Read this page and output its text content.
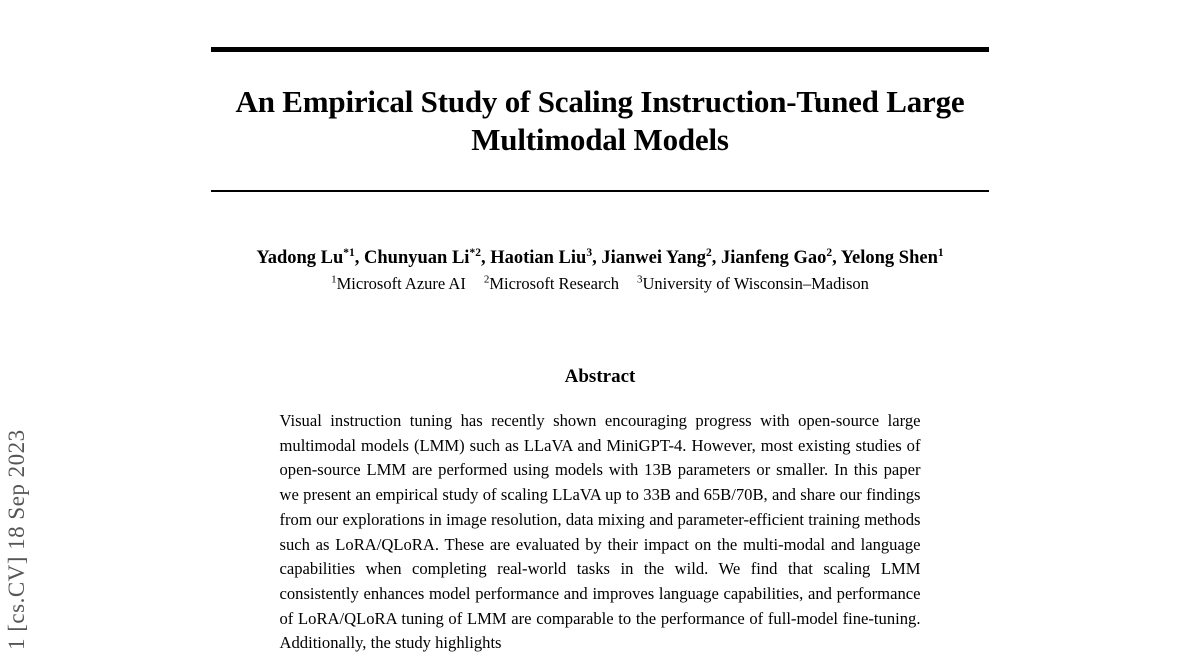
1 [cs.CV] 18 Sep 2023
An Empirical Study of Scaling Instruction-Tuned Large Multimodal Models
Yadong Lu$^{*1}$, Chunyuan Li$^{*2}$, Haotian Liu$^3$, Jianwei Yang$^2$, Jianfeng Gao$^2$, Yelong Shen$^1$
$^1$Microsoft Azure AI $^2$Microsoft Research $^3$University of Wisconsin–Madison
Abstract

Visual instruction tuning has recently shown encouraging progress with open-source large multimodal models (LMM) such as LLaVA and MiniGPT-4. However, most existing studies of open-source LMM are performed using models with 13B parameters or smaller. In this paper we present an empirical study of scaling LLaVA up to 33B and 65B/70B, and share our findings from our explorations in image resolution, data mixing and parameter-efficient training methods such as LoRA/QLoRA. These are evaluated by their impact on the multi-modal and language capabilities when completing real-world tasks in the wild. We find that scaling LMM consistently enhances model performance and improves language capabilities, and performance of LoRA/QLoRA tuning of LMM are comparable to the performance of full-model fine-tuning. Additionally, the study highlights
